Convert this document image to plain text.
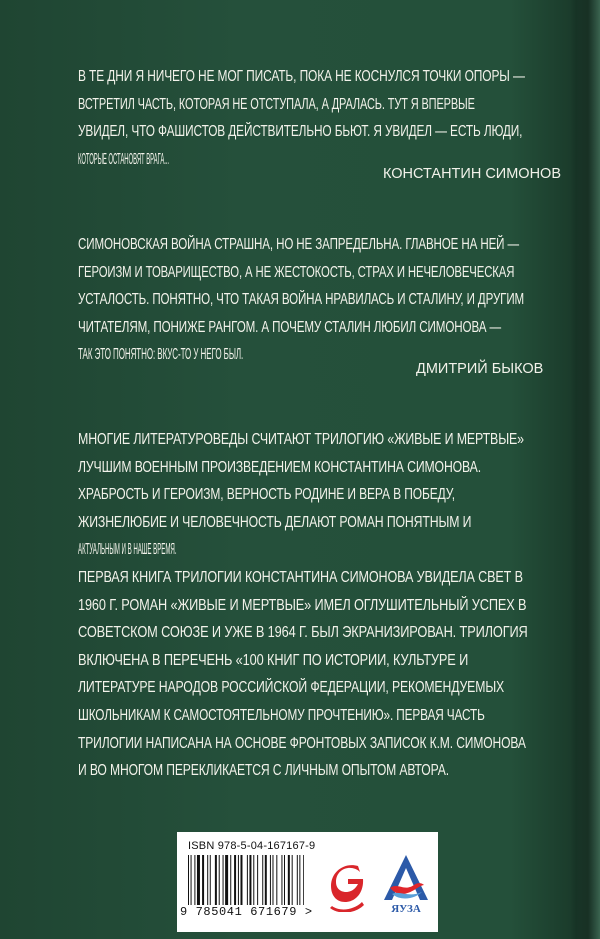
В ТЕ ДНИ Я НИЧЕГО НЕ МОГ ПИСАТЬ, ПОКА НЕ КОСНУЛСЯ ТОЧКИ ОПОРЫ —
ВСТРЕТИЛ ЧАСТЬ, КОТОРАЯ НЕ ОТСТУПАЛА, А ДРАЛАСЬ. ТУТ Я ВПЕРВЫЕ
УВИДЕЛ, ЧТО ФАШИСТОВ ДЕЙСТВИТЕЛЬНО БЬЮТ. Я УВИДЕЛ — ЕСТЬ ЛЮДИ,
КОТОРЫЕ ОСТАНОВЯТ ВРАГА...
КОНСТАНТИН СИМОНОВ
СИМОНОВСКАЯ ВОЙНА СТРАШНА, НО НЕ ЗАПРЕДЕЛЬНА. ГЛАВНОЕ НА НЕЙ —
ГЕРОИЗМ И ТОВАРИЩЕСТВО, А НЕ ЖЕСТОКОСТЬ, СТРАХ И НЕЧЕЛОВЕЧЕСКАЯ
УСТАЛОСТЬ. ПОНЯТНО, ЧТО ТАКАЯ ВОЙНА НРАВИЛАСЬ И СТАЛИНУ, И ДРУГИМ
ЧИТАТЕЛЯМ, ПОНИЖЕ РАНГОМ. А ПОЧЕМУ СТАЛИН ЛЮБИЛ СИМОНОВА —
ТАК ЭТО ПОНЯТНО: ВКУС-ТО У НЕГО БЫЛ.
ДМИТРИЙ БЫКОВ
МНОГИЕ ЛИТЕРАТУРОВЕДЫ СЧИТАЮТ ТРИЛОГИЮ «ЖИВЫЕ И МЕРТВЫЕ»
ЛУЧШИМ ВОЕННЫМ ПРОИЗВЕДЕНИЕМ КОНСТАНТИНА СИМОНОВА.
ХРАБРОСТЬ И ГЕРОИЗМ, ВЕРНОСТЬ РОДИНЕ И ВЕРА В ПОБЕДУ,
ЖИЗНЕЛЮБИЕ И ЧЕЛОВЕЧНОСТЬ ДЕЛАЮТ РОМАН ПОНЯТНЫМ И
АКТУАЛЬНЫМ И В НАШЕ ВРЕМЯ.
ПЕРВАЯ КНИГА ТРИЛОГИИ КОНСТАНТИНА СИМОНОВА УВИДЕЛА СВЕТ В
1960 Г. РОМАН «ЖИВЫЕ И МЕРТВЫЕ» ИМЕЛ ОГЛУШИТЕЛЬНЫЙ УСПЕХ В
СОВЕТСКОМ СОЮЗЕ И УЖЕ В 1964 Г. БЫЛ ЭКРАНИЗИРОВАН. ТРИЛОГИЯ
ВКЛЮЧЕНА В ПЕРЕЧЕНЬ «100 КНИГ ПО ИСТОРИИ, КУЛЬТУРЕ И
ЛИТЕРАТУРЕ НАРОДОВ РОССИЙСКОЙ ФЕДЕРАЦИИ, РЕКОМЕНДУЕМЫХ
ШКОЛЬНИКАМ К САМОСТОЯТЕЛЬНОМУ ПРОЧТЕНИЮ». ПЕРВАЯ ЧАСТЬ
ТРИЛОГИИ НАПИСАНА НА ОСНОВЕ ФРОНТОВЫХ ЗАПИСОК К.М. СИМОНОВА
И ВО МНОГОМ ПЕРЕКЛИКАЕТСЯ С ЛИЧНЫМ ОПЫТОМ АВТОРА.
ISBN 978-5-04-167167-9
9 785041 671679 >	ЯУЗА
